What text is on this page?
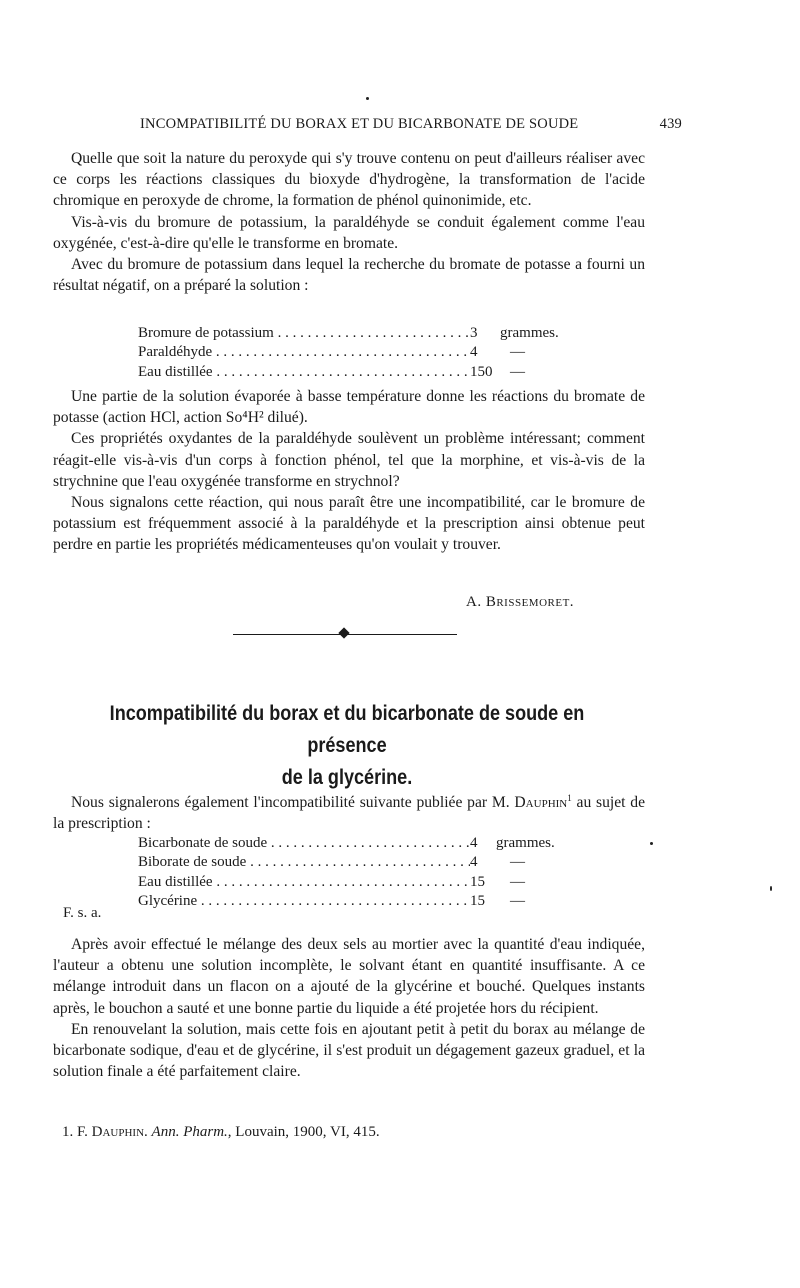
INCOMPATIBILITÉ DU BORAX ET DU BICARBONATE DE SOUDE	439

Quelle que soit la nature du peroxyde qui s'y trouve contenu on peut d'ailleurs réaliser avec ce corps les réactions classiques du bioxyde d'hydrogène, la transformation de l'acide chromique en peroxyde de chrome, la formation de phénol quinonimide, etc.

Vis-à-vis du bromure de potassium, la paraldéhyde se conduit également comme l'eau oxygénée, c'est-à-dire qu'elle le transforme en bromate.

Avec du bromure de potassium dans lequel la recherche du bromate de potasse a fourni un résultat négatif, on a préparé la solution :

Bromure de potassium . . .	3	grammes.
Paraldéhyde . . .	4	—
Eau distillée . . .	150	—

Une partie de la solution évaporée à basse température donne les réactions du bromate de potasse (action HCl, action So⁴H² dilué).

Ces propriétés oxydantes de la paraldéhyde soulèvent un problème intéressant; comment réagit-elle vis-à-vis d'un corps à fonction phénol, tel que la morphine, et vis-à-vis de la strychnine que l'eau oxygénée transforme en strychnol?

Nous signalons cette réaction, qui nous paraît être une incompatibilité, car le bromure de potassium est fréquemment associé à la paraldéhyde et la prescription ainsi obtenue peut perdre en partie les propriétés médicamenteuses qu'on voulait y trouver.

A. Brissemoret.
Incompatibilité du borax et du bicarbonate de soude en présence
de la glycérine.

Nous signalerons également l'incompatibilité suivante publiée par M. Dauphin$^1$ au sujet de la prescription :

Bicarbonate de soude . . .	4	grammes.
Biborate de soude . . .	4	—
Eau distillée . . .	15	—
Glycérine . . .	15	—
F. s. a.

Après avoir effectué le mélange des deux sels au mortier avec la quantité d'eau indiquée, l'auteur a obtenu une solution incomplète, le solvant étant en quantité insuffisante. A ce mélange introduit dans un flacon on a ajouté de la glycérine et bouché. Quelques instants après, le bouchon a sauté et une bonne partie du liquide a été projetée hors du récipient.

En renouvelant la solution, mais cette fois en ajoutant petit à petit du borax au mélange de bicarbonate sodique, d'eau et de glycérine, il s'est produit un dégagement gazeux graduel, et la solution finale a été parfaitement claire.

1. F. Dauphin. Ann. Pharm., Louvain, 1900, VI, 415.
